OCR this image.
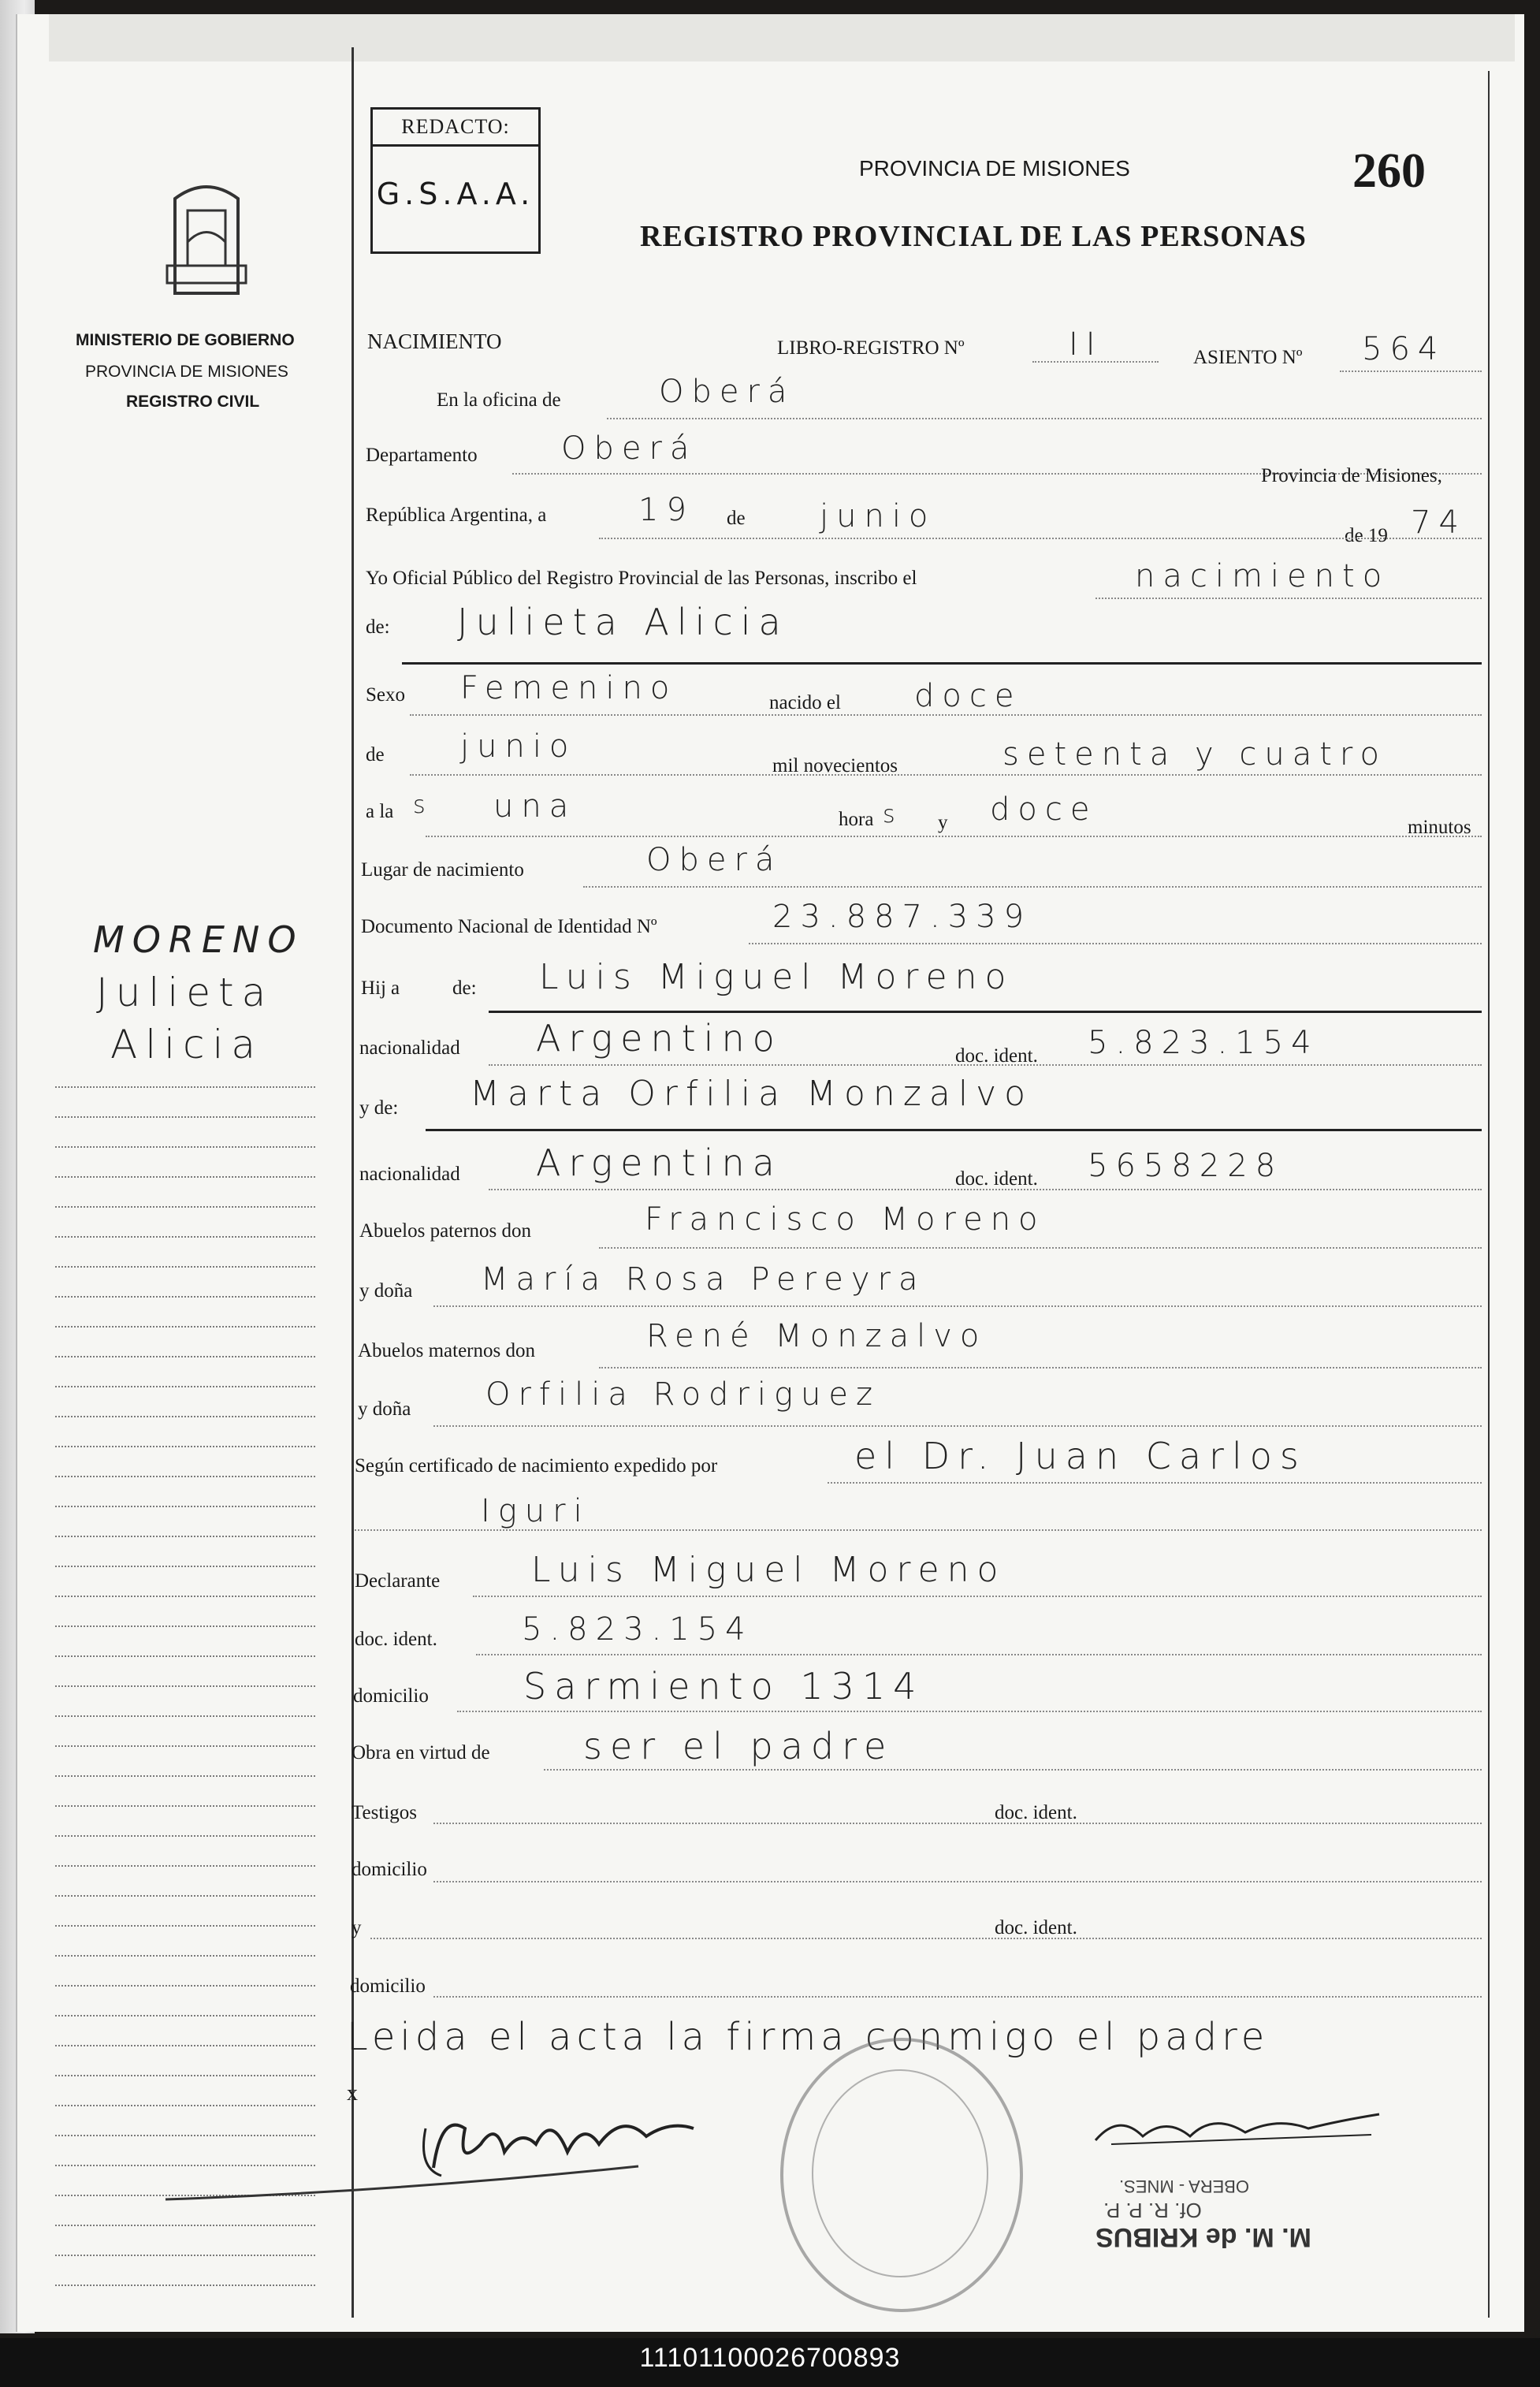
MINISTERIO DE GOBIERNO
PROVINCIA DE MISIONES
REGISTRO CIVIL
MORENO
Julieta
Alicia
REDACTO:
G.S.A.A.
PROVINCIA DE MISIONES
REGISTRO PROVINCIAL DE LAS PERSONAS
260
NACIMIENTO	LIBRO-REGISTRO Nº	II	ASIENTO Nº 564
En la oficina de	Oberá
Departamento	Oberá
Provincia de Misiones,
República Argentina, a	19 de junio
de 19 74
Yo Oficial Público del Registro Provincial de las Personas, inscribo el	nacimiento
de: Julieta Alicia
Sexo Femenino	nacido el doce
de junio
mil novecientos	setenta y cuatro
a la s una	hora s y doce	minutos
Lugar de nacimiento	Oberá
Documento Nacional de Identidad Nº	23.887.339
Hij a	de: Luis Miguel Moreno
nacionalidad Argentino	doc. ident. 5.823.154
y de: Marta Orfilia Monzalvo
nacionalidad Argentina	doc. ident. 5658228
Abuelos paternos don	Francisco Moreno
y doña María Rosa Pereyra
Abuelos maternos don	René Monzalvo
y doña Orfilia Rodriguez
Según certificado de nacimiento expedido por	el Dr. Juan Carlos
Iguri
Declarante	Luis Miguel Moreno
doc. ident.	5.823.154
domicilio	Sarmiento 1314
Obra en virtud de	ser el padre
Testigos	doc. ident.
domicilio
y	doc. ident.
domicilio
Leida el acta la firma conmigo el padre
x
M. M. de KRIBUS
OBERA - MNES.
Of. R. P. P.
11101100026700893
